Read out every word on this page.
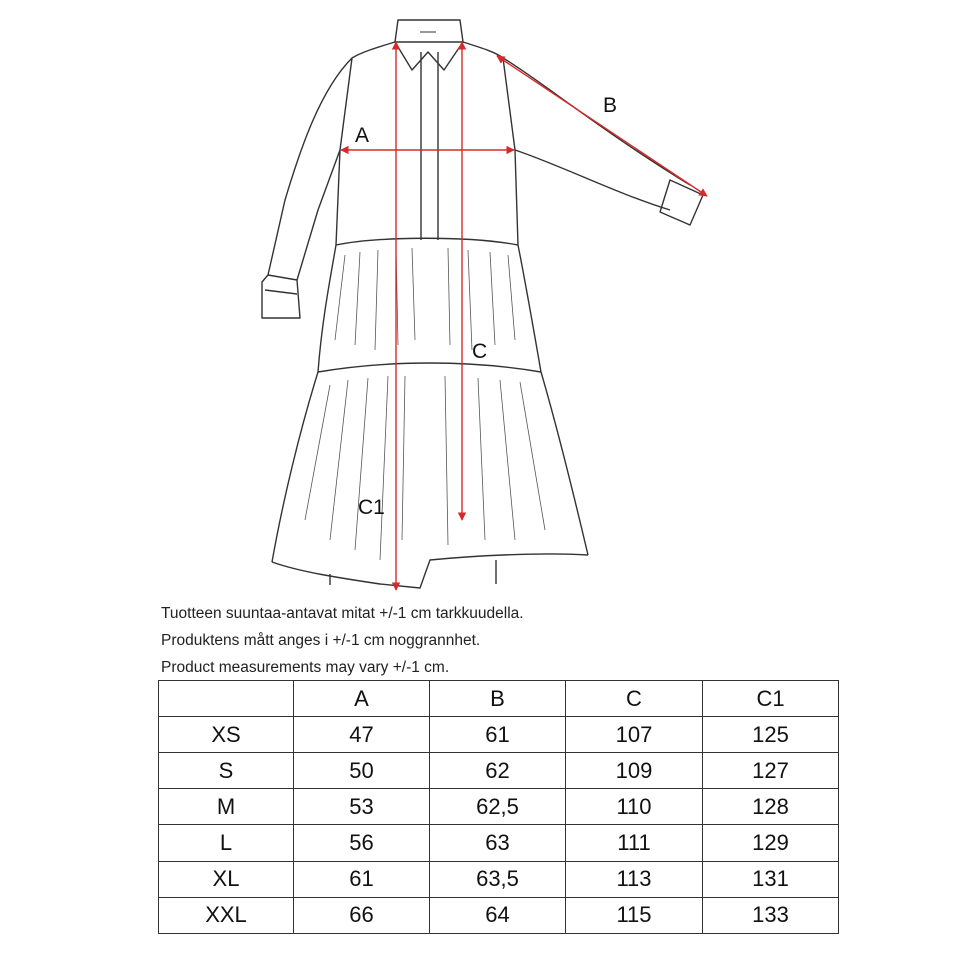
A
B
C
C1
Tuotteen suuntaa-antavat mitat +/-1 cm tarkkuudella.
Produktens mått anges i +/-1 cm noggrannhet.
Product measurements may vary +/-1 cm.
	A	B	C	C1
XS	47	61	107	125
S	50	62	109	127
M	53	62,5	110	128
L	56	63	111	129
XL	61	63,5	113	131
XXL	66	64	115	133
